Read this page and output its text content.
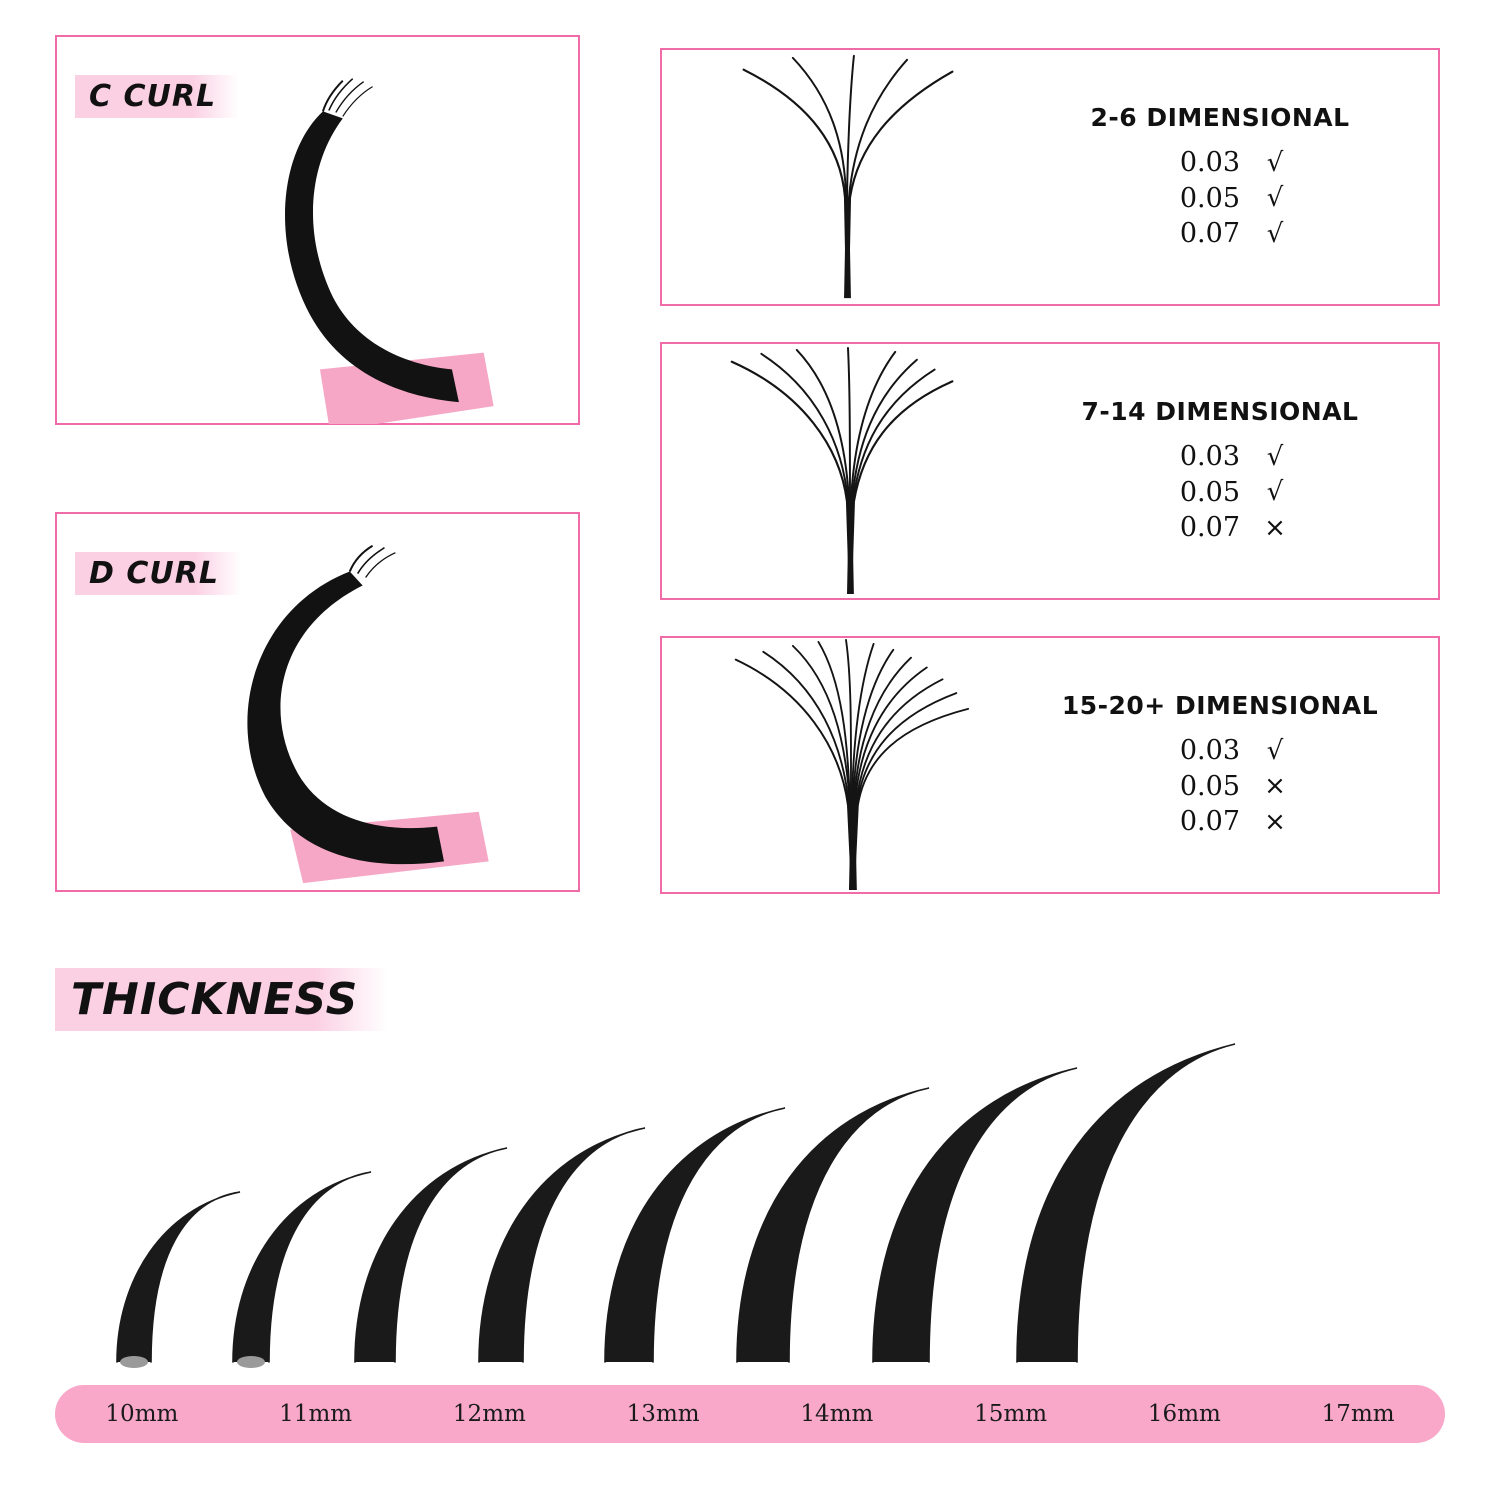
C CURL
D CURL
2-6 DIMENSIONAL
0.03	√
0.05	√
0.07	√
7-14 DIMENSIONAL
0.03	√
0.05	√
0.07 ×
15-20+ DIMENSIONAL
0.03	√
0.05 ×
0.07 ×
THICKNESS
10mm	11mm	12mm	13mm	14mm	15mm	16mm	17mm
